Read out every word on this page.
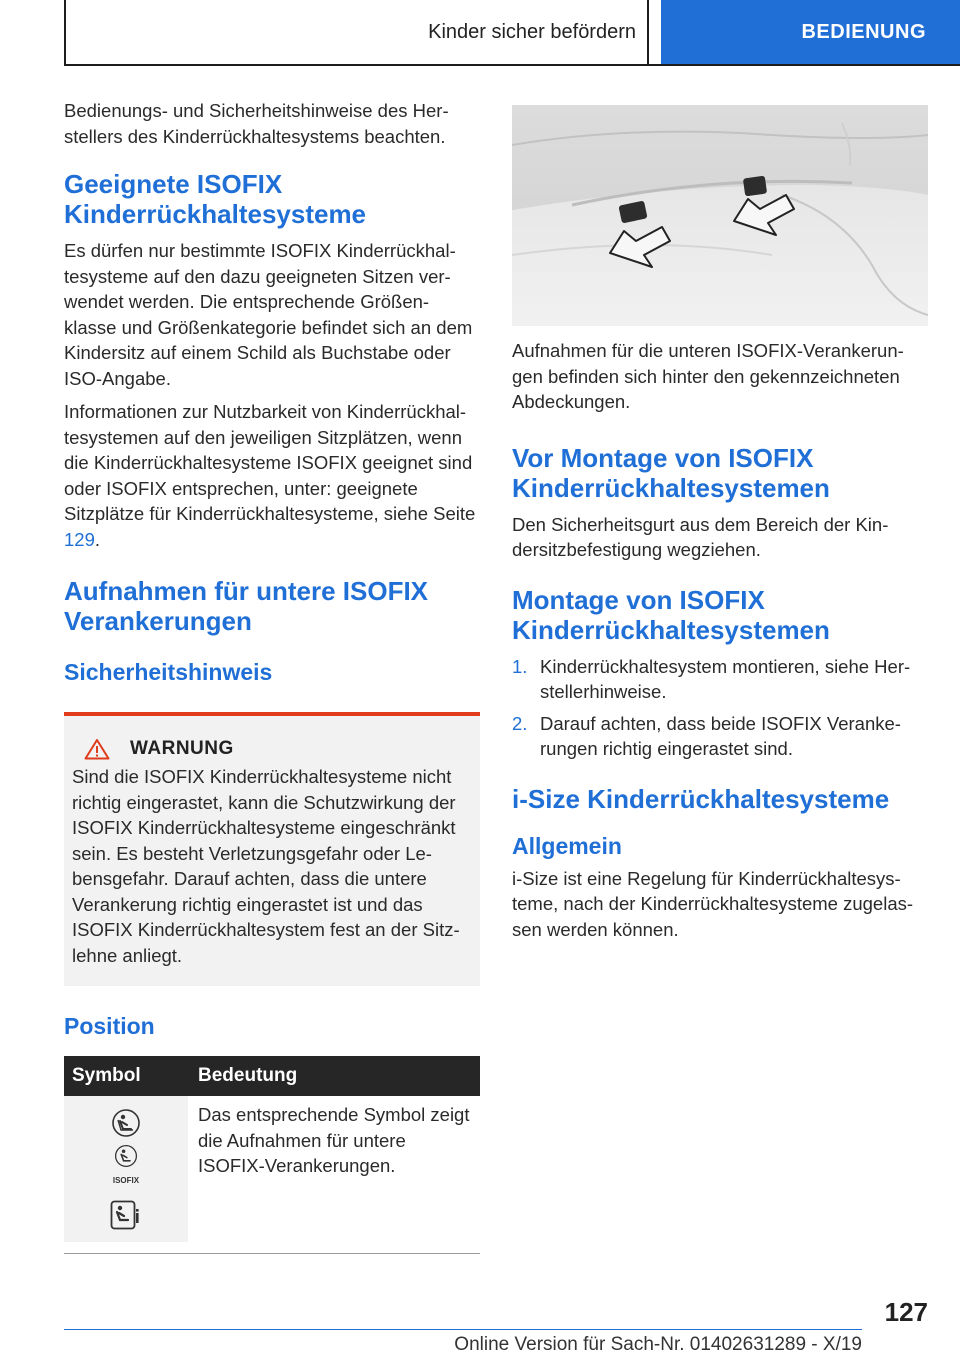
Kinder sicher befördern	BEDIENUNG

Bedienungs- und Sicherheitshinweise des Her-stellers des Kinderrückhaltesystems beachten.

Geeignete ISOFIX Kinderrückhaltesysteme

Es dürfen nur bestimmte ISOFIX Kinderrückhal-tesysteme auf den dazu geeigneten Sitzen ver-wendet werden. Die entsprechende Größen-klasse und Größenkategorie befindet sich an dem Kindersitz auf einem Schild als Buchstabe oder ISO-Angabe.

Informationen zur Nutzbarkeit von Kinderrückhal-tesystemen auf den jeweiligen Sitzplätzen, wenn die Kinderrückhaltesysteme ISOFIX geeignet sind oder ISOFIX entsprechen, unter: geeignete Sitzplätze für Kinderrückhaltesysteme, siehe Seite 129.

Aufnahmen für untere ISOFIX Verankerungen
Sicherheitshinweis
WARNUNG

Sind die ISOFIX Kinderrückhaltesysteme nicht richtig eingerastet, kann die Schutzwirkung der ISOFIX Kinderrückhaltesysteme eingeschränkt sein. Es besteht Verletzungsgefahr oder Le-bensgefahr. Darauf achten, dass die untere Verankerung richtig eingerastet ist und das ISOFIX Kinderrückhaltesystem fest an der Sitz-lehne anliegt.

Position
Symbol	Bedeutung

ISOFIX	Das entsprechende Symbol zeigt die Aufnahmen für untere ISOFIX-Verankerungen.

Aufnahmen für die unteren ISOFIX-Verankerun-gen befinden sich hinter den gekennzeichneten Abdeckungen.

Vor Montage von ISOFIX Kinderrückhaltesystemen

Den Sicherheitsgurt aus dem Bereich der Kin-dersitzbefestigung wegziehen.

Montage von ISOFIX Kinderrückhaltesystemen
1. Kinderrückhaltesystem montieren, siehe Her-stellerhinweise.
2. Darauf achten, dass beide ISOFIX Veranke-rungen richtig eingerastet sind.
i-Size Kinderrückhaltesysteme
Allgemein

i-Size ist eine Regelung für Kinderrückhaltesys-teme, nach der Kinderrückhaltesysteme zugelas-sen werden können.

127
Online Version für Sach-Nr. 01402631289 - X/19
